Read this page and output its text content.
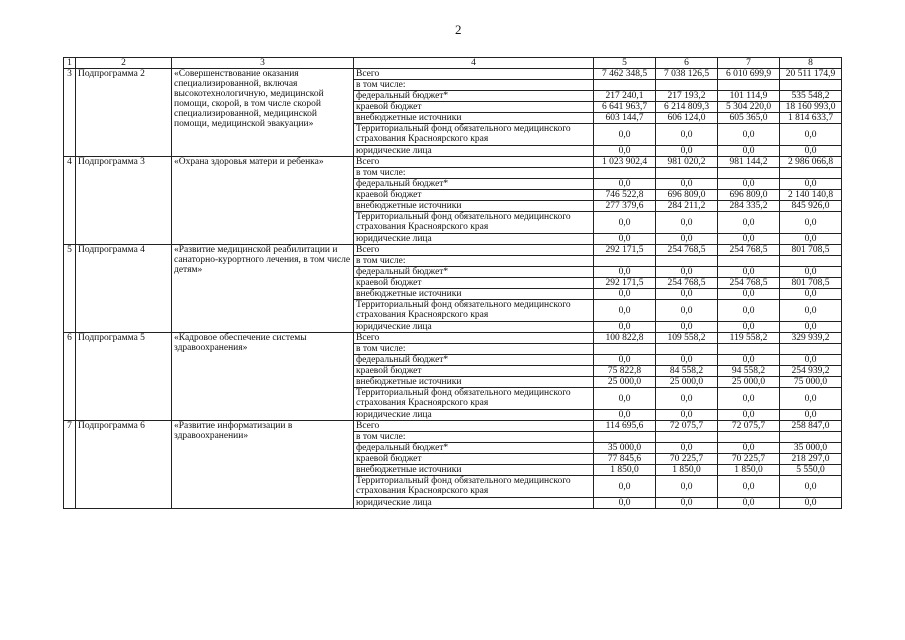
2
1	2	3	4	5	6	7	8
3	Подпрограмма 2	«Совершенствование оказания специализированной, включая высокотехнологичную, медицинской помощи, скорой, в том числе скорой специализированной, медицинской помощи, медицинской эвакуации»	Всего	7 462 348,5	7 038 126,5	6 010 699,9	20 511 174,9
			в том числе:				
			федеральный бюджет*	217 240,1	217 193,2	101 114,9	535 548,2
			краевой бюджет	6 641 963,7	6 214 809,3	5 304 220,0	18 160 993,0
			внебюджетные источники	603 144,7	606 124,0	605 365,0	1 814 633,7
			Территориальный фонд обязательного медицинского страхования Красноярского края	0,0	0,0	0,0	0,0
			юридические лица	0,0	0,0	0,0	0,0
4	Подпрограмма 3	«Охрана здоровья матери и ребенка»	Всего	1 023 902,4	981 020,2	981 144,2	2 986 066,8
			в том числе:				
			федеральный бюджет*	0,0	0,0	0,0	0,0
			краевой бюджет	746 522,8	696 809,0	696 809,0	2 140 140,8
			внебюджетные источники	277 379,6	284 211,2	284 335,2	845 926,0
			Территориальный фонд обязательного медицинского страхования Красноярского края	0,0	0,0	0,0	0,0
			юридические лица	0,0	0,0	0,0	0,0
5	Подпрограмма 4	«Развитие медицинской реабилитации и санаторно-курортного лечения, в том числе детям»	Всего	292 171,5	254 768,5	254 768,5	801 708,5
			в том числе:				
			федеральный бюджет*	0,0	0,0	0,0	0,0
			краевой бюджет	292 171,5	254 768,5	254 768,5	801 708,5
			внебюджетные источники	0,0	0,0	0,0	0,0
			Территориальный фонд обязательного медицинского страхования Красноярского края	0,0	0,0	0,0	0,0
			юридические лица	0,0	0,0	0,0	0,0
6	Подпрограмма 5	«Кадровое обеспечение системы здравоохранения»	Всего	100 822,8	109 558,2	119 558,2	329 939,2
			в том числе:				
			федеральный бюджет*	0,0	0,0	0,0	0,0
			краевой бюджет	75 822,8	84 558,2	94 558,2	254 939,2
			внебюджетные источники	25 000,0	25 000,0	25 000,0	75 000,0
			Территориальный фонд обязательного медицинского страхования Красноярского края	0,0	0,0	0,0	0,0
			юридические лица	0,0	0,0	0,0	0,0
7	Подпрограмма 6	«Развитие информатизации в здравоохранении»	Всего	114 695,6	72 075,7	72 075,7	258 847,0
			в том числе:				
			федеральный бюджет*	35 000,0	0,0	0,0	35 000,0
			краевой бюджет	77 845,6	70 225,7	70 225,7	218 297,0
			внебюджетные источники	1 850,0	1 850,0	1 850,0	5 550,0
			Территориальный фонд обязательного медицинского страхования Красноярского края	0,0	0,0	0,0	0,0
			юридические лица	0,0	0,0	0,0	0,0
